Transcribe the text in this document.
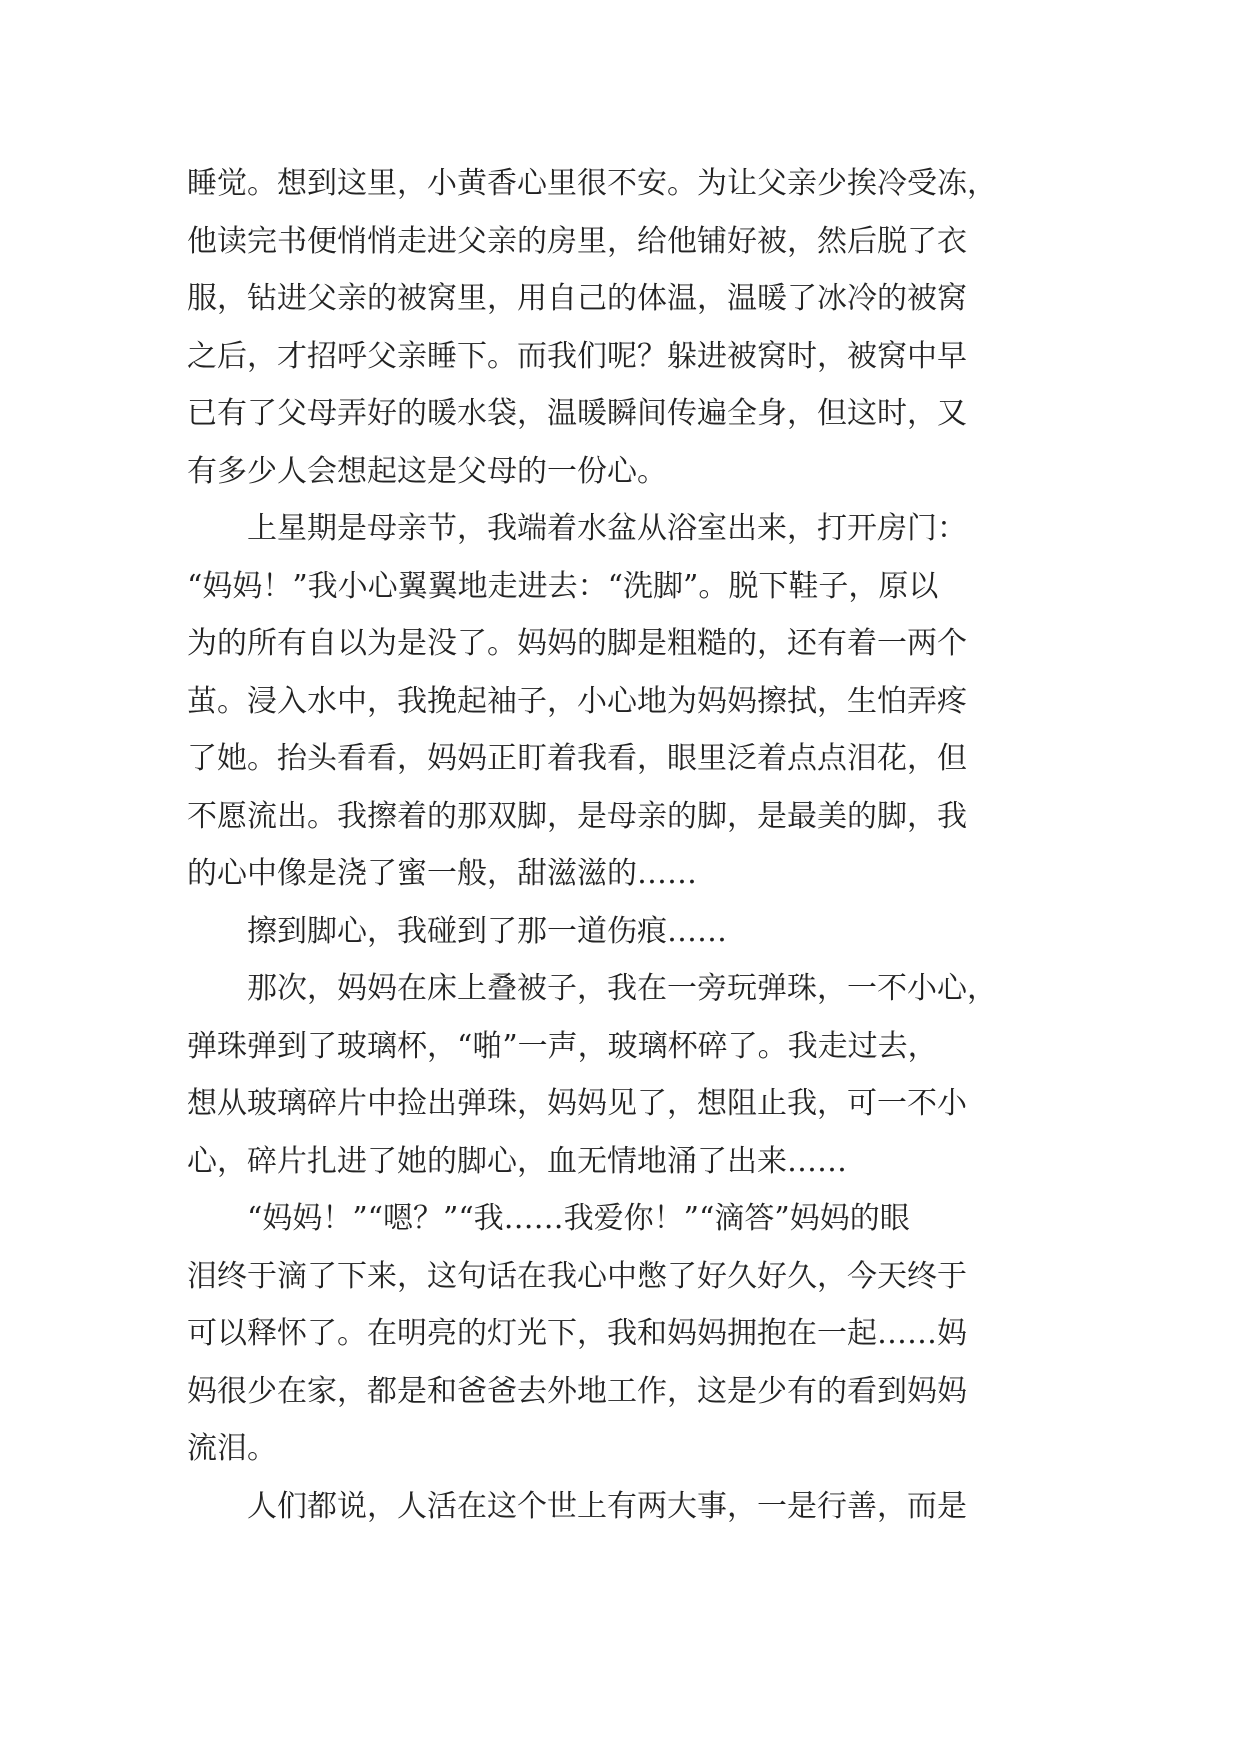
睡觉。想到这里，小黄香心里很不安。为让父亲少挨冷受冻，
他读完书便悄悄走进父亲的房里，给他铺好被，然后脱了衣
服，钻进父亲的被窝里，用自己的体温，温暖了冰冷的被窝
之后，才招呼父亲睡下。而我们呢？躲进被窝时，被窝中早
已有了父母弄好的暖水袋，温暖瞬间传遍全身，但这时，又
有多少人会想起这是父母的一份心。
　　上星期是母亲节，我端着水盆从浴室出来，打开房门：
“妈妈！”我小心翼翼地走进去：“洗脚”。脱下鞋子，原以
为的所有自以为是没了。妈妈的脚是粗糙的，还有着一两个
茧。浸入水中，我挽起袖子，小心地为妈妈擦拭，生怕弄疼
了她。抬头看看，妈妈正盯着我看，眼里泛着点点泪花，但
不愿流出。我擦着的那双脚，是母亲的脚，是最美的脚，我
的心中像是浇了蜜一般，甜滋滋的……
　　擦到脚心，我碰到了那一道伤痕……
　　那次，妈妈在床上叠被子，我在一旁玩弹珠，一不小心，
弹珠弹到了玻璃杯，“啪”一声，玻璃杯碎了。我走过去，
想从玻璃碎片中捡出弹珠，妈妈见了，想阻止我，可一不小
心，碎片扎进了她的脚心，血无情地涌了出来……
　　“妈妈！”“嗯？”“我……我爱你！”“滴答”妈妈的眼
泪终于滴了下来，这句话在我心中憋了好久好久，今天终于
可以释怀了。在明亮的灯光下，我和妈妈拥抱在一起……妈
妈很少在家，都是和爸爸去外地工作，这是少有的看到妈妈
流泪。
　　人们都说，人活在这个世上有两大事，一是行善，而是
